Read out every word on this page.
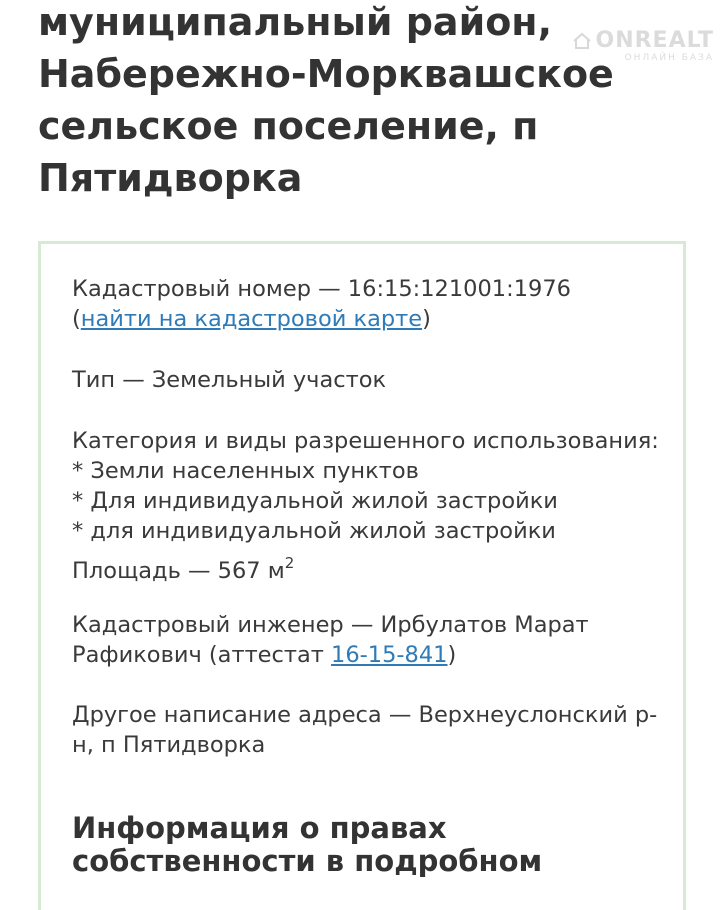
муниципальный район, Набережно-Морквашское сельское поселение, п Пятидворка
ONREALT
ОНЛАЙН БАЗА

Кадастровый номер — 16:15:121001:1976
(найти на кадастровой карте)

Тип — Земельный участок

Категория и виды разрешенного использования:
* Земли населенных пунктов
* Для индивидуальной жилой застройки
* для индивидуальной жилой застройки

Площадь — 567 $м^2$

Кадастровый инженер — Ирбулатов Марат Рафикович (аттестат 16-15-841)

Другое написание адреса — Верхнеуслонский р-н, п Пятидворка

Информация о правах собственности в подробном
